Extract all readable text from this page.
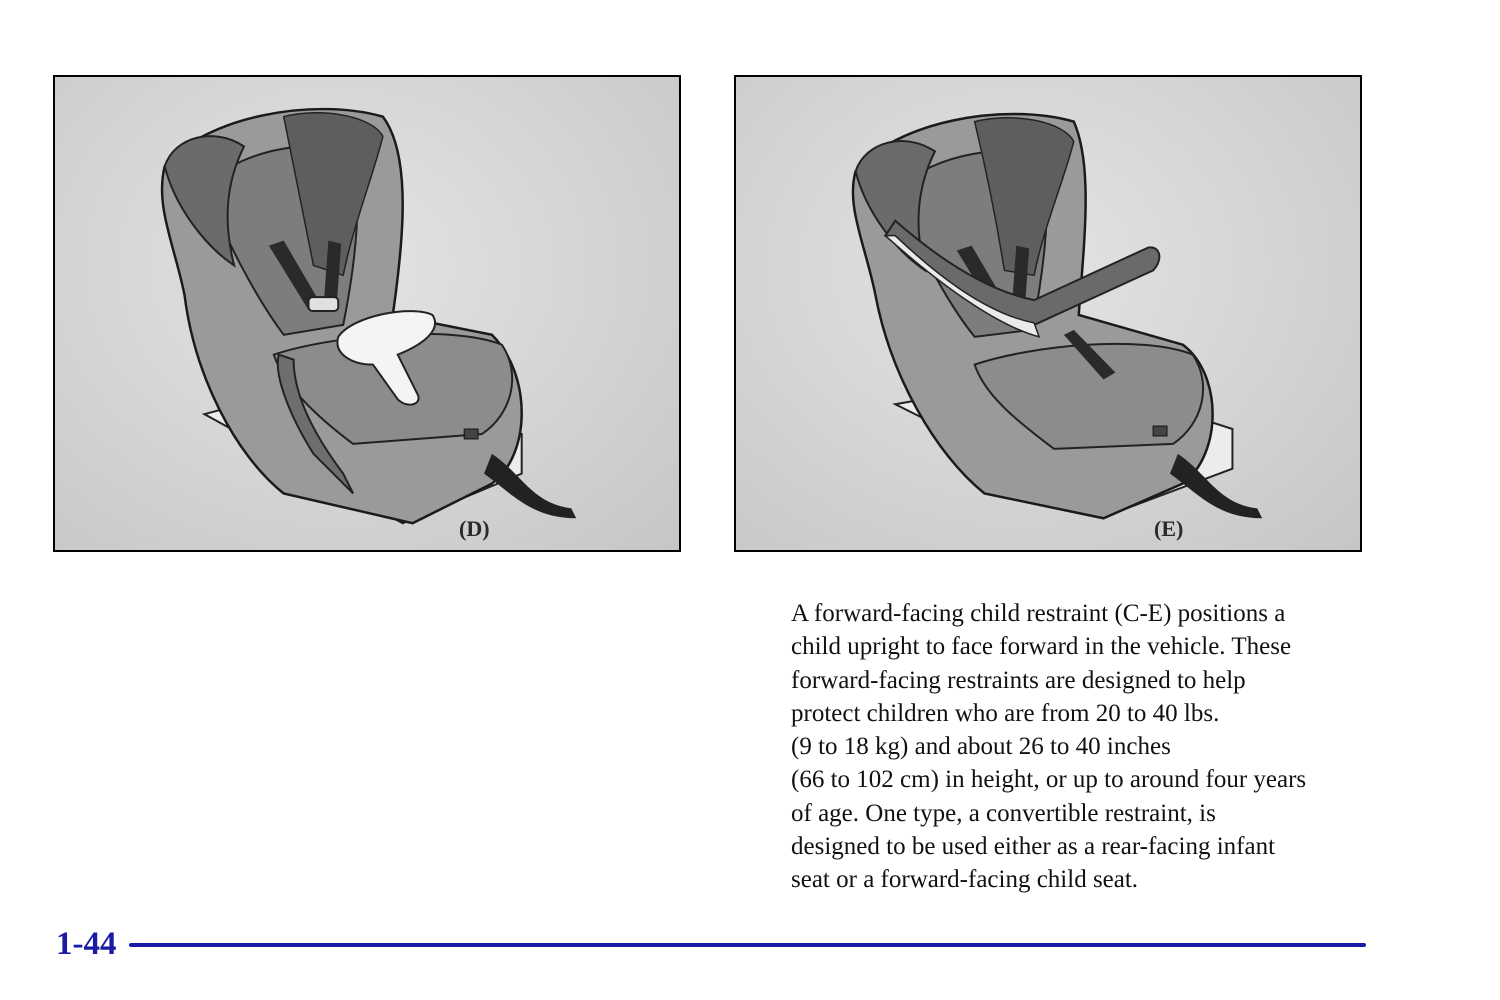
(D)	(E)

A forward-facing child restraint (C-E) positions a
child upright to face forward in the vehicle. These
forward-facing restraints are designed to help
protect children who are from 20 to 40 lbs.
(9 to 18 kg) and about 26 to 40 inches
(66 to 102 cm) in height, or up to around four years
of age. One type, a convertible restraint, is
designed to be used either as a rear-facing infant
seat or a forward-facing child seat.

1-44
